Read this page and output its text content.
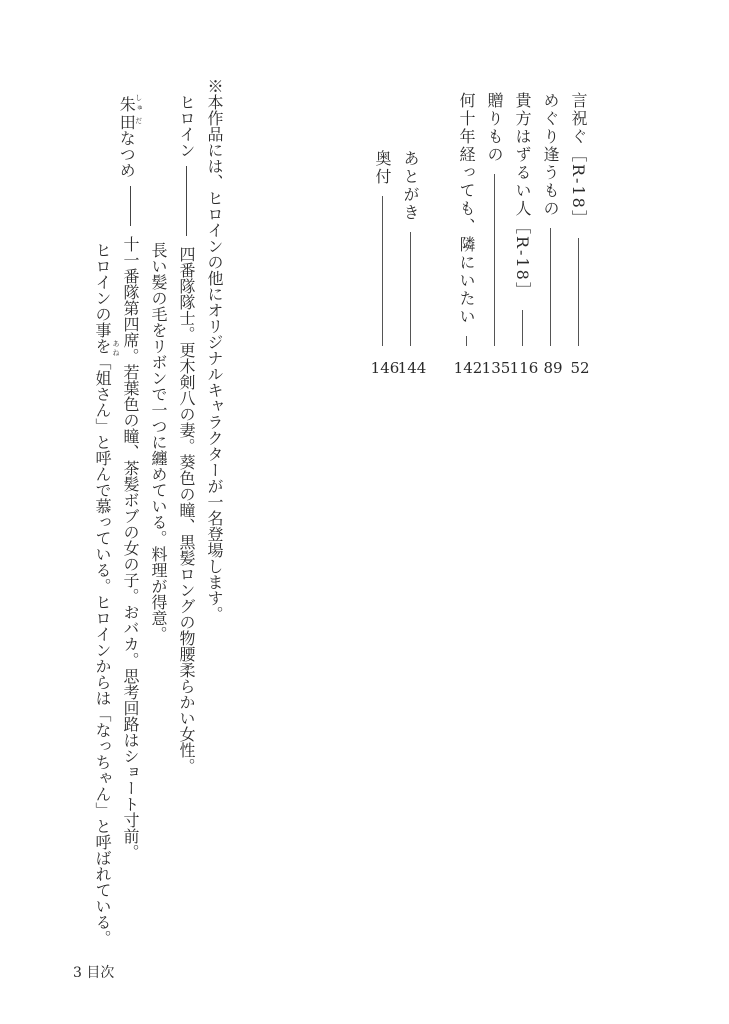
言祝ぐ［R-18］
めぐり逢うもの
貴方はずるい人［R-18］
贈りもの
何十年経っても、隣にいたい
あとがき
奥付
52
89
116
135
142
144
146
※本作品には、ヒロインの他にオリジナルキャラクターが一名登場します。
ヒロイン
四番隊隊士。更木剣八の妻。葵色の瞳、黒髪ロングの物腰柔らかい女性。
長い髪の毛をリボンで一つに纏めている。料理が得意。
朱しゅ田だなつめ
十一番隊第四席。若葉色の瞳、茶髪ボブの女の子。おバカ。思考回路はショート寸前。
ヒロインの事を「姐さん」と呼んで慕っている。ヒロインからは「なっちゃん」と呼ばれている。 あね
3 目次
